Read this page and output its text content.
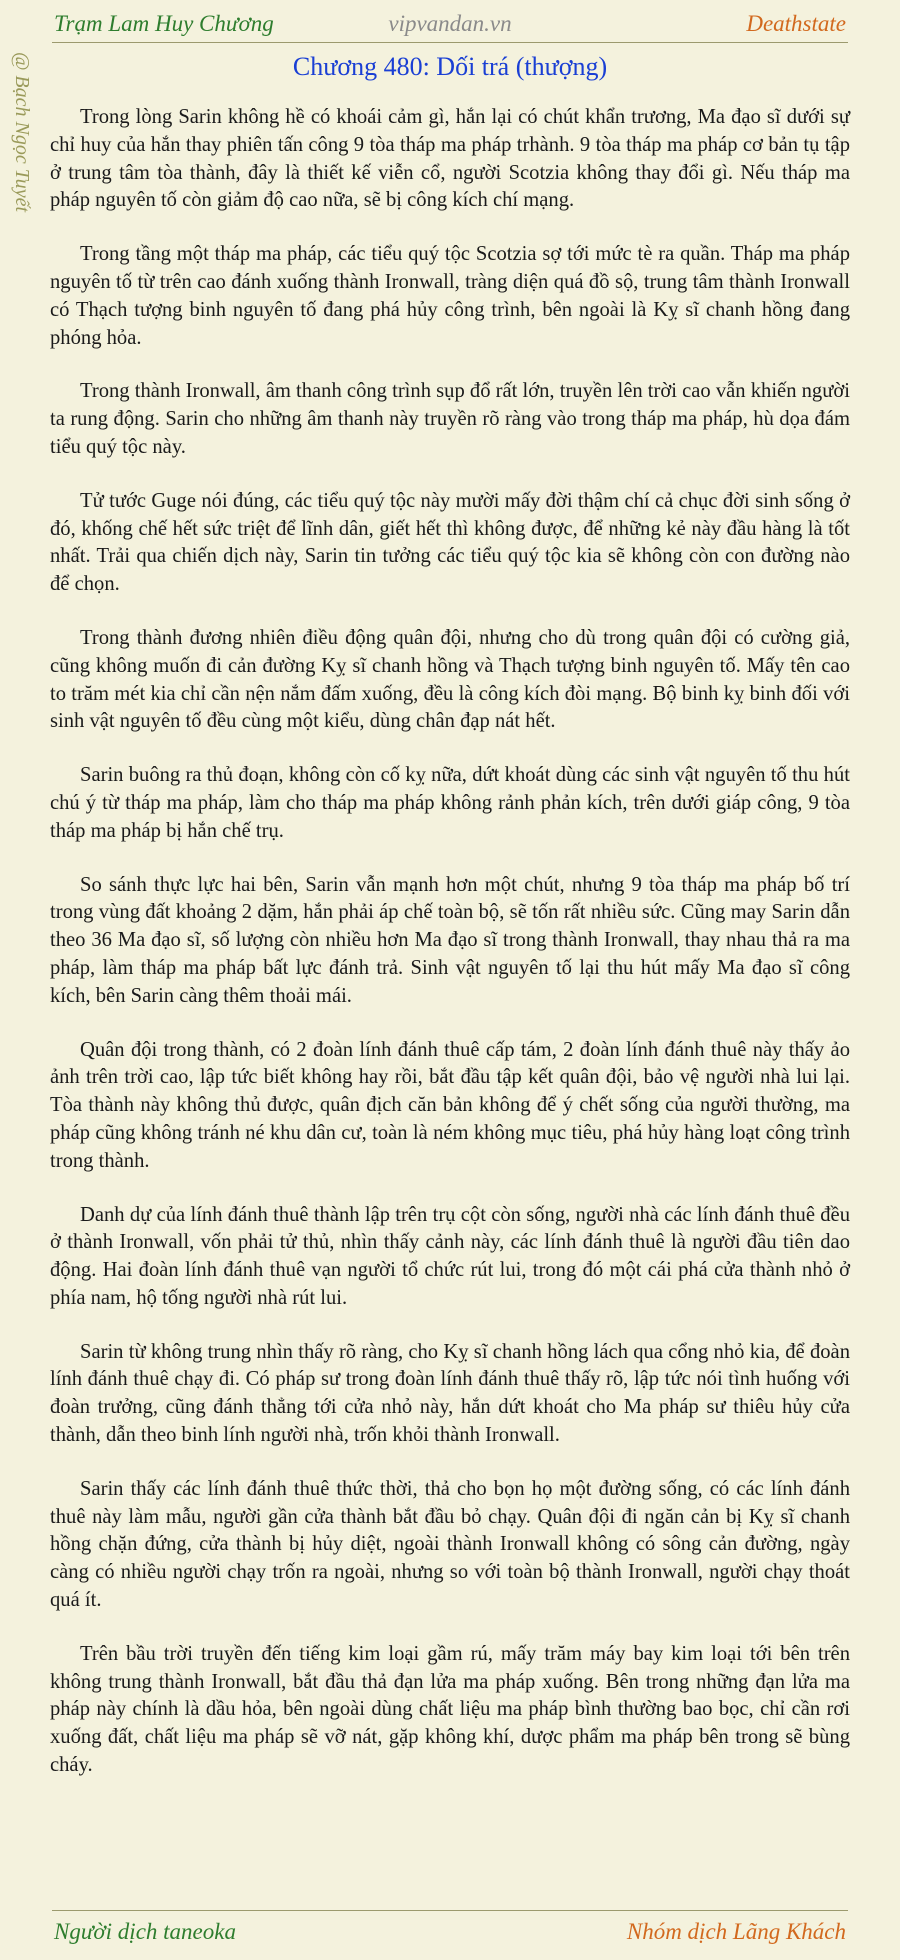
Trạm Lam Huy Chương	vipvandan.vn	Deathstate
@ Bạch Ngọc Tuyết	Chương 480: Dối trá (thượng)

Trong lòng Sarin không hề có khoái cảm gì, hắn lại có chút khẩn trương, Ma đạo sĩ dưới sự chỉ huy của hắn thay phiên tấn công 9 tòa tháp ma pháp trhành. 9 tòa tháp ma pháp cơ bản tụ tập ở trung tâm tòa thành, đây là thiết kế viễn cổ, người Scotzia không thay đổi gì. Nếu tháp ma pháp nguyên tố còn giảm độ cao nữa, sẽ bị công kích chí mạng.

Trong tầng một tháp ma pháp, các tiểu quý tộc Scotzia sợ tới mức tè ra quần. Tháp ma pháp nguyên tố từ trên cao đánh xuống thành Ironwall, tràng diện quá đồ sộ, trung tâm thành Ironwall có Thạch tượng binh nguyên tố đang phá hủy công trình, bên ngoài là Kỵ sĩ chanh hồng đang phóng hỏa.

Trong thành Ironwall, âm thanh công trình sụp đổ rất lớn, truyền lên trời cao vẫn khiến người ta rung động. Sarin cho những âm thanh này truyền rõ ràng vào trong tháp ma pháp, hù dọa đám tiểu quý tộc này.

Tử tước Guge nói đúng, các tiểu quý tộc này mười mấy đời thậm chí cả chục đời sinh sống ở đó, khống chế hết sức triệt để lĩnh dân, giết hết thì không được, để những kẻ này đầu hàng là tốt nhất. Trải qua chiến dịch này, Sarin tin tưởng các tiểu quý tộc kia sẽ không còn con đường nào để chọn.

Trong thành đương nhiên điều động quân đội, nhưng cho dù trong quân đội có cường giả, cũng không muốn đi cản đường Kỵ sĩ chanh hồng và Thạch tượng binh nguyên tố. Mấy tên cao to trăm mét kia chỉ cần nện nắm đấm xuống, đều là công kích đòi mạng. Bộ binh kỵ binh đối với sinh vật nguyên tố đều cùng một kiểu, dùng chân đạp nát hết.

Sarin buông ra thủ đoạn, không còn cố kỵ nữa, dứt khoát dùng các sinh vật nguyên tố thu hút chú ý từ tháp ma pháp, làm cho tháp ma pháp không rảnh phản kích, trên dưới giáp công, 9 tòa tháp ma pháp bị hắn chế trụ.

So sánh thực lực hai bên, Sarin vẫn mạnh hơn một chút, nhưng 9 tòa tháp ma pháp bố trí trong vùng đất khoảng 2 dặm, hắn phải áp chế toàn bộ, sẽ tốn rất nhiều sức. Cũng may Sarin dẫn theo 36 Ma đạo sĩ, số lượng còn nhiều hơn Ma đạo sĩ trong thành Ironwall, thay nhau thả ra ma pháp, làm tháp ma pháp bất lực đánh trả. Sinh vật nguyên tố lại thu hút mấy Ma đạo sĩ công kích, bên Sarin càng thêm thoải mái.

Quân đội trong thành, có 2 đoàn lính đánh thuê cấp tám, 2 đoàn lính đánh thuê này thấy ảo ảnh trên trời cao, lập tức biết không hay rồi, bắt đầu tập kết quân đội, bảo vệ người nhà lui lại. Tòa thành này không thủ được, quân địch căn bản không để ý chết sống của người thường, ma pháp cũng không tránh né khu dân cư, toàn là ném không mục tiêu, phá hủy hàng loạt công trình trong thành.

Danh dự của lính đánh thuê thành lập trên trụ cột còn sống, người nhà các lính đánh thuê đều ở thành Ironwall, vốn phải tử thủ, nhìn thấy cảnh này, các lính đánh thuê là người đầu tiên dao động. Hai đoàn lính đánh thuê vạn người tổ chức rút lui, trong đó một cái phá cửa thành nhỏ ở phía nam, hộ tống người nhà rút lui.

Sarin từ không trung nhìn thấy rõ ràng, cho Kỵ sĩ chanh hồng lách qua cổng nhỏ kia, để đoàn lính đánh thuê chạy đi. Có pháp sư trong đoàn lính đánh thuê thấy rõ, lập tức nói tình huống với đoàn trưởng, cũng đánh thẳng tới cửa nhỏ này, hắn dứt khoát cho Ma pháp sư thiêu hủy cửa thành, dẫn theo binh lính người nhà, trốn khỏi thành Ironwall.

Sarin thấy các lính đánh thuê thức thời, thả cho bọn họ một đường sống, có các lính đánh thuê này làm mẫu, người gần cửa thành bắt đầu bỏ chạy. Quân đội đi ngăn cản bị Kỵ sĩ chanh hồng chặn đứng, cửa thành bị hủy diệt, ngoài thành Ironwall không có sông cản đường, ngày càng có nhiều người chạy trốn ra ngoài, nhưng so với toàn bộ thành Ironwall, người chạy thoát quá ít.

Trên bầu trời truyền đến tiếng kim loại gầm rú, mấy trăm máy bay kim loại tới bên trên không trung thành Ironwall, bắt đầu thả đạn lửa ma pháp xuống. Bên trong những đạn lửa ma pháp này chính là dầu hỏa, bên ngoài dùng chất liệu ma pháp bình thường bao bọc, chỉ cần rơi xuống đất, chất liệu ma pháp sẽ vỡ nát, gặp không khí, dược phẩm ma pháp bên trong sẽ bùng cháy.

Người dịch taneoka	Nhóm dịch Lãng Khách
